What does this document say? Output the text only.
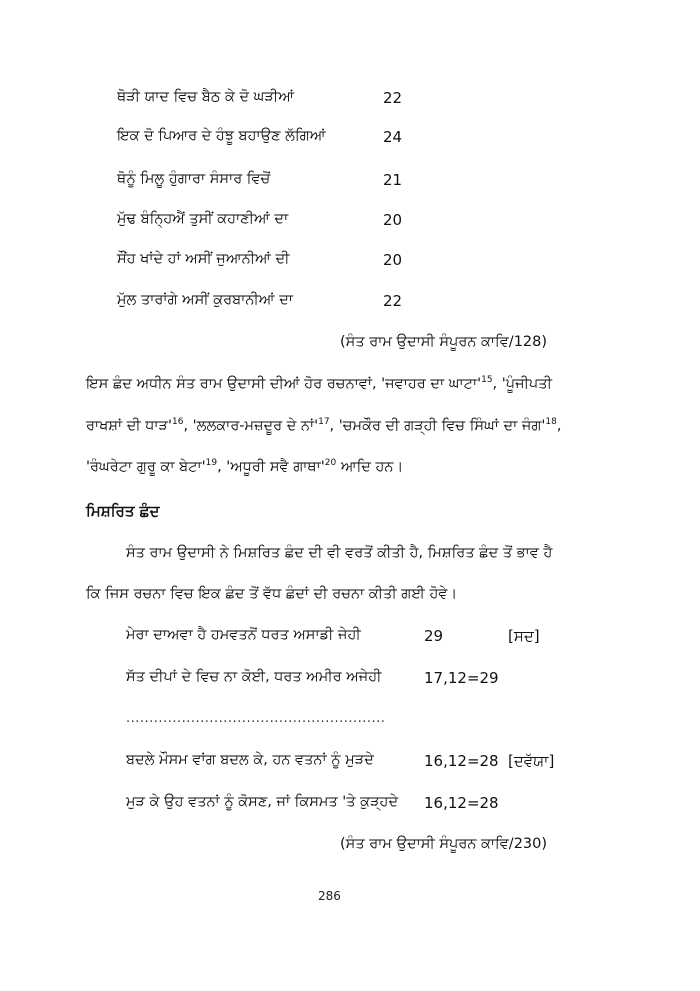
ਥੋੜੀ ਯਾਦ ਵਿਚ ਬੈਠ ਕੇ ਦੋ ਘੜੀਆਂ	22
ਇਕ ਦੋ ਪਿਆਰ ਦੇ ਹੰਝੂ ਬਹਾਉਣ ਲੱਗਿਆਂ	24
ਥੋਨੂੰ ਮਿਲੂ ਹੁੰਗਾਰਾ ਸੰਸਾਰ ਵਿਚੋਂ	21
ਮੁੱਢ ਬੰਨ੍ਹਿਐਂ ਤੁਸੀਂ ਕਹਾਣੀਆਂ ਦਾ	20
ਸੌਂਹ ਖਾਂਦੇ ਹਾਂ ਅਸੀਂ ਜੁਆਨੀਆਂ ਦੀ	20
ਮੁੱਲ ਤਾਰਾਂਗੇ ਅਸੀਂ ਕੁਰਬਾਨੀਆਂ ਦਾ	22
(ਸੰਤ ਰਾਮ ਉਦਾਸੀ ਸੰਪੂਰਨ ਕਾਵਿ/128)
ਇਸ ਛੰਦ ਅਧੀਨ ਸੰਤ ਰਾਮ ਉਦਾਸੀ ਦੀਆਂ ਹੋਰ ਰਚਨਾਵਾਂ, 'ਜਵਾਹਰ ਦਾ $ਘਾਟਾ'^{15}$, 'ਪੂੰਜੀਪਤੀ
ਰਾਖਸ਼ਾਂ ਦੀ $ਧਾੜ'^{16}$, 'ਲਲਕਾਰ-ਮਜ਼ਦੂਰ ਦੇ $ਨਾਂ'^{17}$, 'ਚਮਕੌਰ ਦੀ ਗੜ੍ਹੀ ਵਿਚ ਸਿੰਘਾਂ ਦਾ $ਜੰਗ'^{18}$,
'ਰੰਘਰੇਟਾ ਗੁਰੂ ਕਾ $ਬੇਟਾ'^{19}$, 'ਅਧੂਰੀ ਸਵੈ $ਗਾਥਾ'^{20}$ ਆਦਿ ਹਨ।
ਮਿਸ਼ਰਿਤ ਛੰਦ
ਸੰਤ ਰਾਮ ਉਦਾਸੀ ਨੇ ਮਿਸ਼ਰਿਤ ਛੰਦ ਦੀ ਵੀ ਵਰਤੋਂ ਕੀਤੀ ਹੈ, ਮਿਸ਼ਰਿਤ ਛੰਦ ਤੋਂ ਭਾਵ ਹੈ
ਕਿ ਜਿਸ ਰਚਨਾ ਵਿਚ ਇਕ ਛੰਦ ਤੋਂ ਵੱਧ ਛੰਦਾਂ ਦੀ ਰਚਨਾ ਕੀਤੀ ਗਈ ਹੋਵੇ।
ਮੇਰਾ ਦਾਅਵਾ ਹੈ ਹਮਵਤਨੋਂ ਧਰਤ ਅਸਾਡੀ ਜੇਹੀ	29	[ਸਦ]
ਸੱਤ ਦੀਪਾਂ ਦੇ ਵਿਚ ਨਾ ਕੋਈ, ਧਰਤ ਅਮੀਰ ਅਜੇਹੀ	17,12=29
........................................................
ਬਦਲੇ ਮੌਸਮ ਵਾਂਗ ਬਦਲ ਕੇ, ਹਨ ਵਤਨਾਂ ਨੂੰ ਮੁੜਦੇ	16,12=28 [ਦਵੱਯਾ]
ਮੁੜ ਕੇ ਉਹ ਵਤਨਾਂ ਨੂੰ ਕੋਸਣ, ਜਾਂ ਕਿਸਮਤ 'ਤੇ ਕੁੜ੍ਹਦੇ 16,12=28
(ਸੰਤ ਰਾਮ ਉਦਾਸੀ ਸੰਪੂਰਨ ਕਾਵਿ/230)
286
